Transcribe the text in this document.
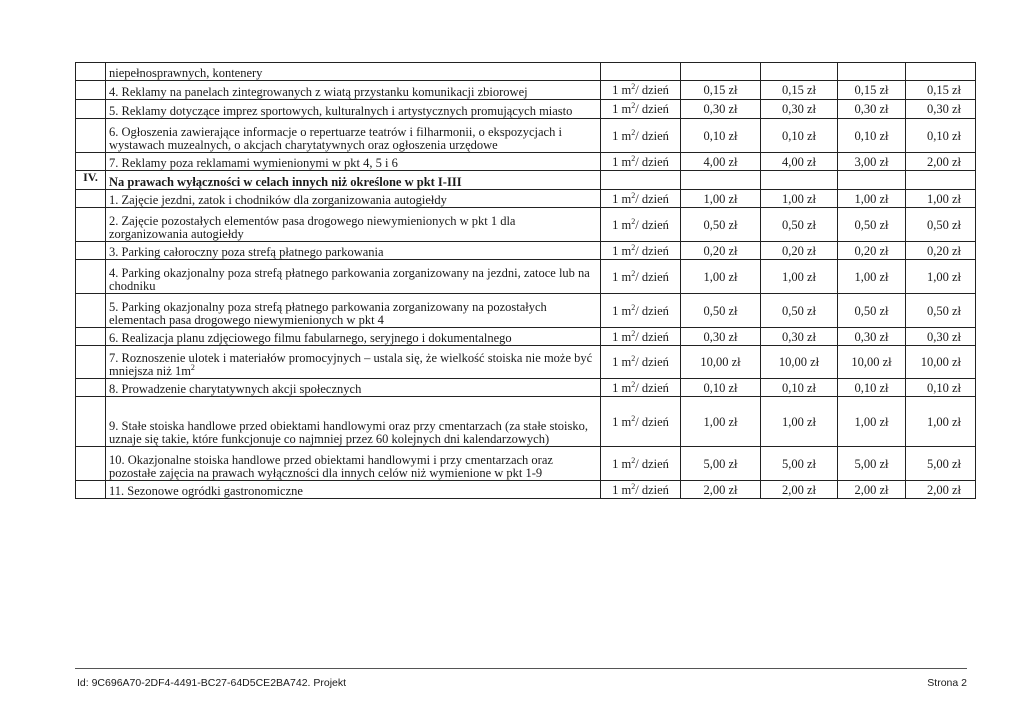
	niepełnosprawnych, kontenery					
	4. Reklamy na panelach zintegrowanych z wiatą przystanku komunikacji zbiorowej	1 $m^2/$ dzień	0,15 zł	0,15 zł	0,15 zł	0,15 zł
	5. Reklamy dotyczące imprez sportowych, kulturalnych i artystycznych promujących miasto	1 $m^2/$ dzień	0,30 zł	0,30 zł	0,30 zł	0,30 zł
	6. Ogłoszenia zawierające informacje o repertuarze teatrów i filharmonii, o ekspozycjach i wystawach muzealnych, o akcjach charytatywnych oraz ogłoszenia urzędowe	1 $m^2/$ dzień	0,10 zł	0,10 zł	0,10 zł	0,10 zł
	7. Reklamy poza reklamami wymienionymi w pkt 4, 5 i 6	1 $m^2/$ dzień	4,00 zł	4,00 zł	3,00 zł	2,00 zł
IV.	Na prawach wyłączności w celach innych niż określone w pkt I-III					
	1. Zajęcie jezdni, zatok i chodników dla zorganizowania autogiełdy	1 $m^2/$ dzień	1,00 zł	1,00 zł	1,00 zł	1,00 zł
	2. Zajęcie pozostałych elementów pasa drogowego niewymienionych w pkt 1 dla zorganizowania autogiełdy	1 $m^2/$ dzień	0,50 zł	0,50 zł	0,50 zł	0,50 zł
	3. Parking całoroczny poza strefą płatnego parkowania	1 $m^2/$ dzień	0,20 zł	0,20 zł	0,20 zł	0,20 zł
	4. Parking okazjonalny poza strefą płatnego parkowania zorganizowany na jezdni, zatoce lub na chodniku	1 $m^2/$ dzień	1,00 zł	1,00 zł	1,00 zł	1,00 zł
	5. Parking okazjonalny poza strefą płatnego parkowania zorganizowany na pozostałych elementach pasa drogowego niewymienionych w pkt 4	1 $m^2/$ dzień	0,50 zł	0,50 zł	0,50 zł	0,50 zł
	6. Realizacja planu zdjęciowego filmu fabularnego, seryjnego i dokumentalnego	1 $m^2/$ dzień	0,30 zł	0,30 zł	0,30 zł	0,30 zł
	7. Roznoszenie ulotek i materiałów promocyjnych – ustala się, że wielkość stoiska nie może być mniejsza niż $1m^2$	1 $m^2/$ dzień	10,00 zł	10,00 zł	10,00 zł	10,00 zł
	8. Prowadzenie charytatywnych akcji społecznych	1 $m^2/$ dzień	0,10 zł	0,10 zł	0,10 zł	0,10 zł
	9. Stałe stoiska handlowe przed obiektami handlowymi oraz przy cmentarzach (za stałe stoisko, uznaje się takie, które funkcjonuje co najmniej przez 60 kolejnych dni kalendarzowych)	1 $m^2/$ dzień	1,00 zł	1,00 zł	1,00 zł	1,00 zł
	10. Okazjonalne stoiska handlowe przed obiektami handlowymi i przy cmentarzach oraz pozostałe zajęcia na prawach wyłączności dla innych celów niż wymienione w pkt 1-9	1 $m^2/$ dzień	5,00 zł	5,00 zł	5,00 zł	5,00 zł
	11. Sezonowe ogródki gastronomiczne	1 $m^2/$ dzień	2,00 zł	2,00 zł	2,00 zł	2,00 zł
Id: 9C696A70-2DF4-4491-BC27-64D5CE2BA742. Projekt	Strona 2
